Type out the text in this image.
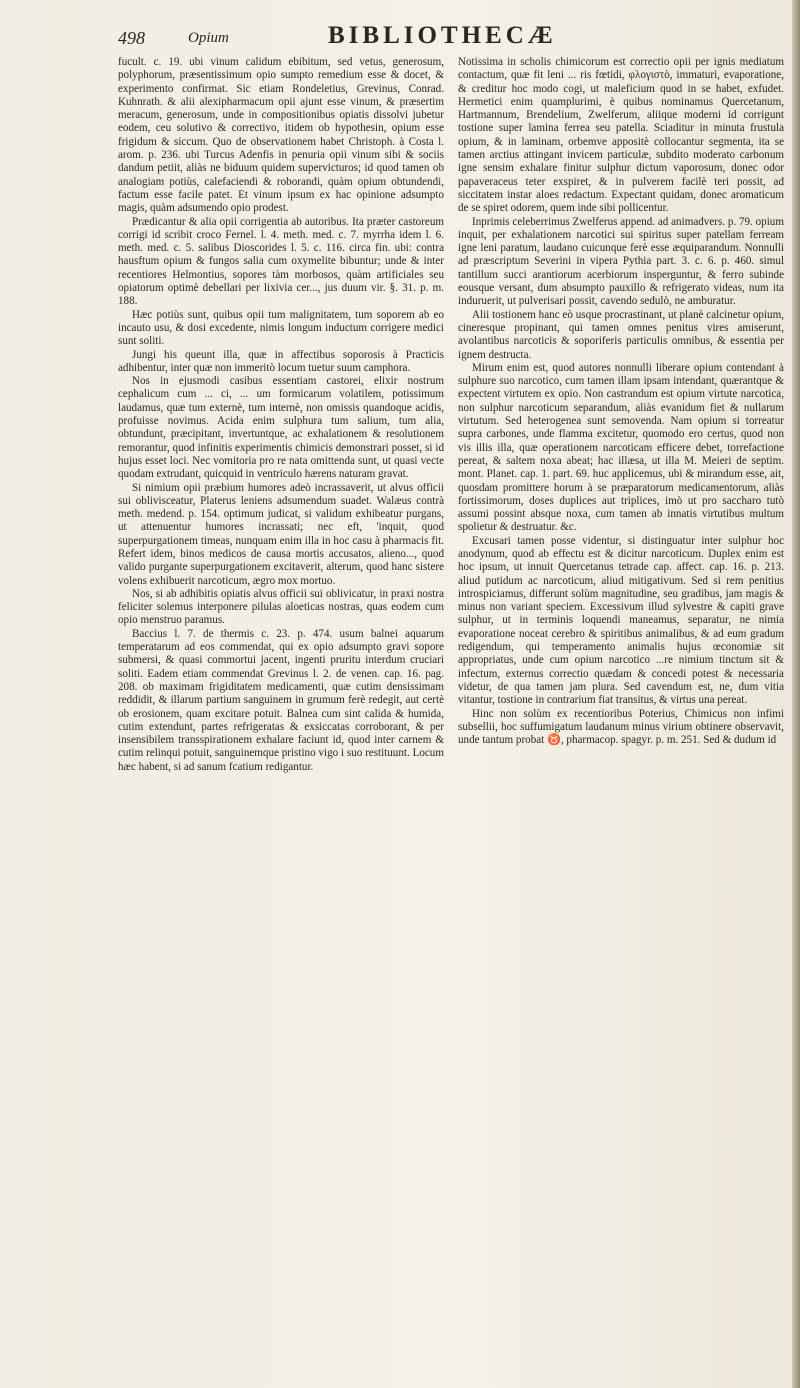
498	Opium	BIBLIOTHECÆ

fucult. c. 19. ubi vinum calidum ebibitum, sed vetus, generosum, polyphorum, præsentissimum opio sumpto remedium esse & docet, & experimento confirmat. Sic etiam Rondeletius, Grevinus, Conrad. Kuhnrath. & alii alexipharmacum opii ajunt esse vinum, & præsertim meracum, generosum, unde in compositionibus opiatis dissolvi jubetur eodem, ceu solutivo & correctivo, itidem ob hypothesin, opium esse frigidum & siccum. Quo de observationem habet Christoph. à Costa l. arom. p. 236. ubi Turcus Adenfis in penuria opii vinum sibi & sociis dandum petiit, aliàs ne biduum quidem supervicturos; id quod tamen ob analogiam potiùs, calefaciendi & roborandi, quàm opium obtundendi, factum esse facile patet. Et vinum ipsum ex hac opinione adsumpto magis, quàm adsumendo opio prodest.

Prædicantur & alia opii corrigentia ab autoribus. Ita præter castoreum corrigi id scribit croco Fernel. l. 4. meth. med. c. 7. myrrha idem l. 6. meth. med. c. 5. salibus Dioscorides l. 5. c. 116. circa fin. ubi: contra hausftum opium & fungos salia cum oxymelite bibuntur; unde & inter recentiores Helmontius, sopores tàm morbosos, quàm artificiales seu opiatorum optimè debellari per lixivia cer..., jus duum vir. §. 31. p. m. 188.

Hæc potiùs sunt, quibus opii tum malignitatem, tum soporem ab eo incauto usu, & dosi excedente, nimis longum inductum corrigere medici sunt soliti.

Jungi his queunt illa, quæ in affectibus soporosis à Practicis adhibentur, inter quæ non immeritò locum tuetur suum camphora.

Nos in ejusmodi casibus essentiam castorei, elixir nostrum cephalicum cum ... ci, ... um formicarum volatilem, potissimum laudamus, quæ tum externè, tum internè, non omissis quandoque acidis, profuisse novimus. Acida enim sulphura tum salium, tum alia, obtundunt, præcipitant, invertuntque, ac exhalationem & resolutionem remorantur, quod infinitis experimentis chimicis demonstrari posset, si id hujus esset loci. Nec vomitoria pro re nata omittenda sunt, ut quasi vecte quodam extrudant, quicquid in ventriculo hærens naturam gravat.

Si nimium opii præbium humores adeò incrassaverit, ut alvus officii sui oblivisceatur, Platerus leniens adsumendum suadet. Walæus contrà meth. medend. p. 154. optimum judicat, si validum exhibeatur purgans, ut attenuentur humores incrassati; nec eft, 'inquit, quod superpurgationem timeas, nunquam enim illa in hoc casu à pharmacis fit. Refert idem, binos medicos de causa mortis accusatos, alieno..., quod valido purgante superpurgationem excitaverit, alterum, quod hanc sistere volens exhibuerit narcoticum, ægro mox mortuo.

Nos, si ab adhibitis opiatis alvus officii sui oblivicatur, in praxi nostra feliciter solemus interponere pilulas aloeticas nostras, quas eodem cum opio menstruo paramus.

Baccius l. 7. de thermis c. 23. p. 474. usum balnei aquarum temperatarum ad eos commendat, qui ex opio adsumpto gravi sopore submersi, & quasi commortui jacent, ingenti pruritu interdum cruciari soliti. Eadem etiam commendat Grevinus l. 2. de venen. cap. 16. pag. 208. ob maximam frigiditatem medicamenti, quæ cutim densissimam reddidit, & illarum partium sanguinem in grumum ferè redegit, aut certè ob erosionem, quam excitare potuit. Balnea cum sint calida & humida, cutim extendunt, partes refrigeratas & exsiccatas corroborant, & per insensibilem transspirationem exhalare faciunt id, quod inter carnem & cutim relinqui potuit, sanguinemque pristino vigo i suo restituunt. Locum hæc habent, si ad sanum fcatium redigantur.

Notissima in scholis chimicorum est correctio opii per ignis mediatum contactum, quæ fit leni ... ris fœtidi, φλογιστὸ, immaturi, evaporatione, & creditur hoc modo cogi, ut maleficium quod in se habet, exfudet. Hermetici enim quamplurimi, è quibus nominamus Quercetanum, Hartmannum, Brendelium, Zwelferum, aliique moderni id corrigunt tostione super lamina ferrea seu patella. Sciaditur in minuta frustula opium, & in laminam, orbemve appositè collocantur segmenta, ita se tamen arctius attingant invicem particulæ, subdito moderato carbonum igne sensim exhalare finitur sulphur dictum vaporosum, donec odor papaveraceus teter exspiret, & in pulverem facilè teri possit, ad siccitatem instar aloes redactum. Expectant quidam, donec aromaticum de se spiret odorem, quem inde sibi pollicentur.

Inprimis celeberrimus Zwelferus append. ad animadvers. p. 79. opium inquit, per exhalationem narcotici sui spiritus super patellam ferream igne leni paratum, laudano cuicunque ferè esse æquiparandum. Nonnulli ad præscriptum Severini in vipera Pythia part. 3. c. 6. p. 460. simul tantillum succi arantiorum acerbiorum insperguntur, & ferro subinde eousque versant, dum absumpto pauxillo & refrigerato videas, num ita induruerit, ut pulverisari possit, cavendo sedulò, ne amburatur.

Alii tostionem hanc eò usque procrastinant, ut planè calcinetur opium, cineresque propinant, qui tamen omnes penitus vires amiserunt, avolantibus narcoticis & soporiferis particulis omnibus, & essentia per ignem destructa.

Mirum enim est, quod autores nonnulli liberare opium contendant à sulphure suo narcotico, cum tamen illam ipsam intendant, quærantque & expectent virtutem ex opio. Non castrandum est opium virtute narcotica, non sulphur narcoticum separandum, aliàs evanidum fiet & nullarum virtutum. Sed heterogenea sunt semovenda. Nam opium si torreatur supra carbones, unde flamma excitetur, quomodo ero certus, quod non vis illis illa, quæ operationem narcoticam efficere debet, torrefactione pereat, & saltem noxa abeat; hac illæsa, ut illa M. Meieri de septim. mont. Planet. cap. 1. part. 69. huc applicemus, ubi & mirandum esse, ait, quosdam promittere horum à se præparatorum medicamentorum, aliàs fortissimorum, doses duplices aut triplices, imò ut pro saccharo tutò assumi possint absque noxa, cum tamen ab innatis virtutibus multum spolietur & destruatur. &c.

Excusari tamen posse videntur, si distinguatur inter sulphur hoc anodynum, quod ab effectu est & dicitur narcoticum. Duplex enim est hoc ipsum, ut innuit Quercetanus tetrade cap. affect. cap. 16. p. 213. aliud putidum ac narcoticum, aliud mitigativum. Sed si rem penitius introspiciamus, differunt solùm magnitudine, seu gradibus, jam magis & minus non variant speciem. Excessivum illud sylvestre & capiti grave sulphur, ut in terminis loquendi maneamus, separatur, ne nimia evaporatione noceat cerebro & spiritibus animalibus, & ad eum gradum redigendum, qui temperamento animalis hujus œconomiæ sit appropriatus, unde cum opium narcotico ...re nimium tinctum sit & infectum, externus correctio quædam & concedi potest & necessaria videtur, de qua tamen jam plura. Sed cavendum est, ne, dum vitia vitantur, tostione in contrarium fiat transitus, & virtus una pereat.

Hinc non solùm ex recentioribus Poterius, Chimicus non infimi subsellii, hoc suffumigatum laudanum minus virium obtinere observavit, unde tantum probat ♉, pharmacop. spagyr. p. m. 251. Sed & dudum id
